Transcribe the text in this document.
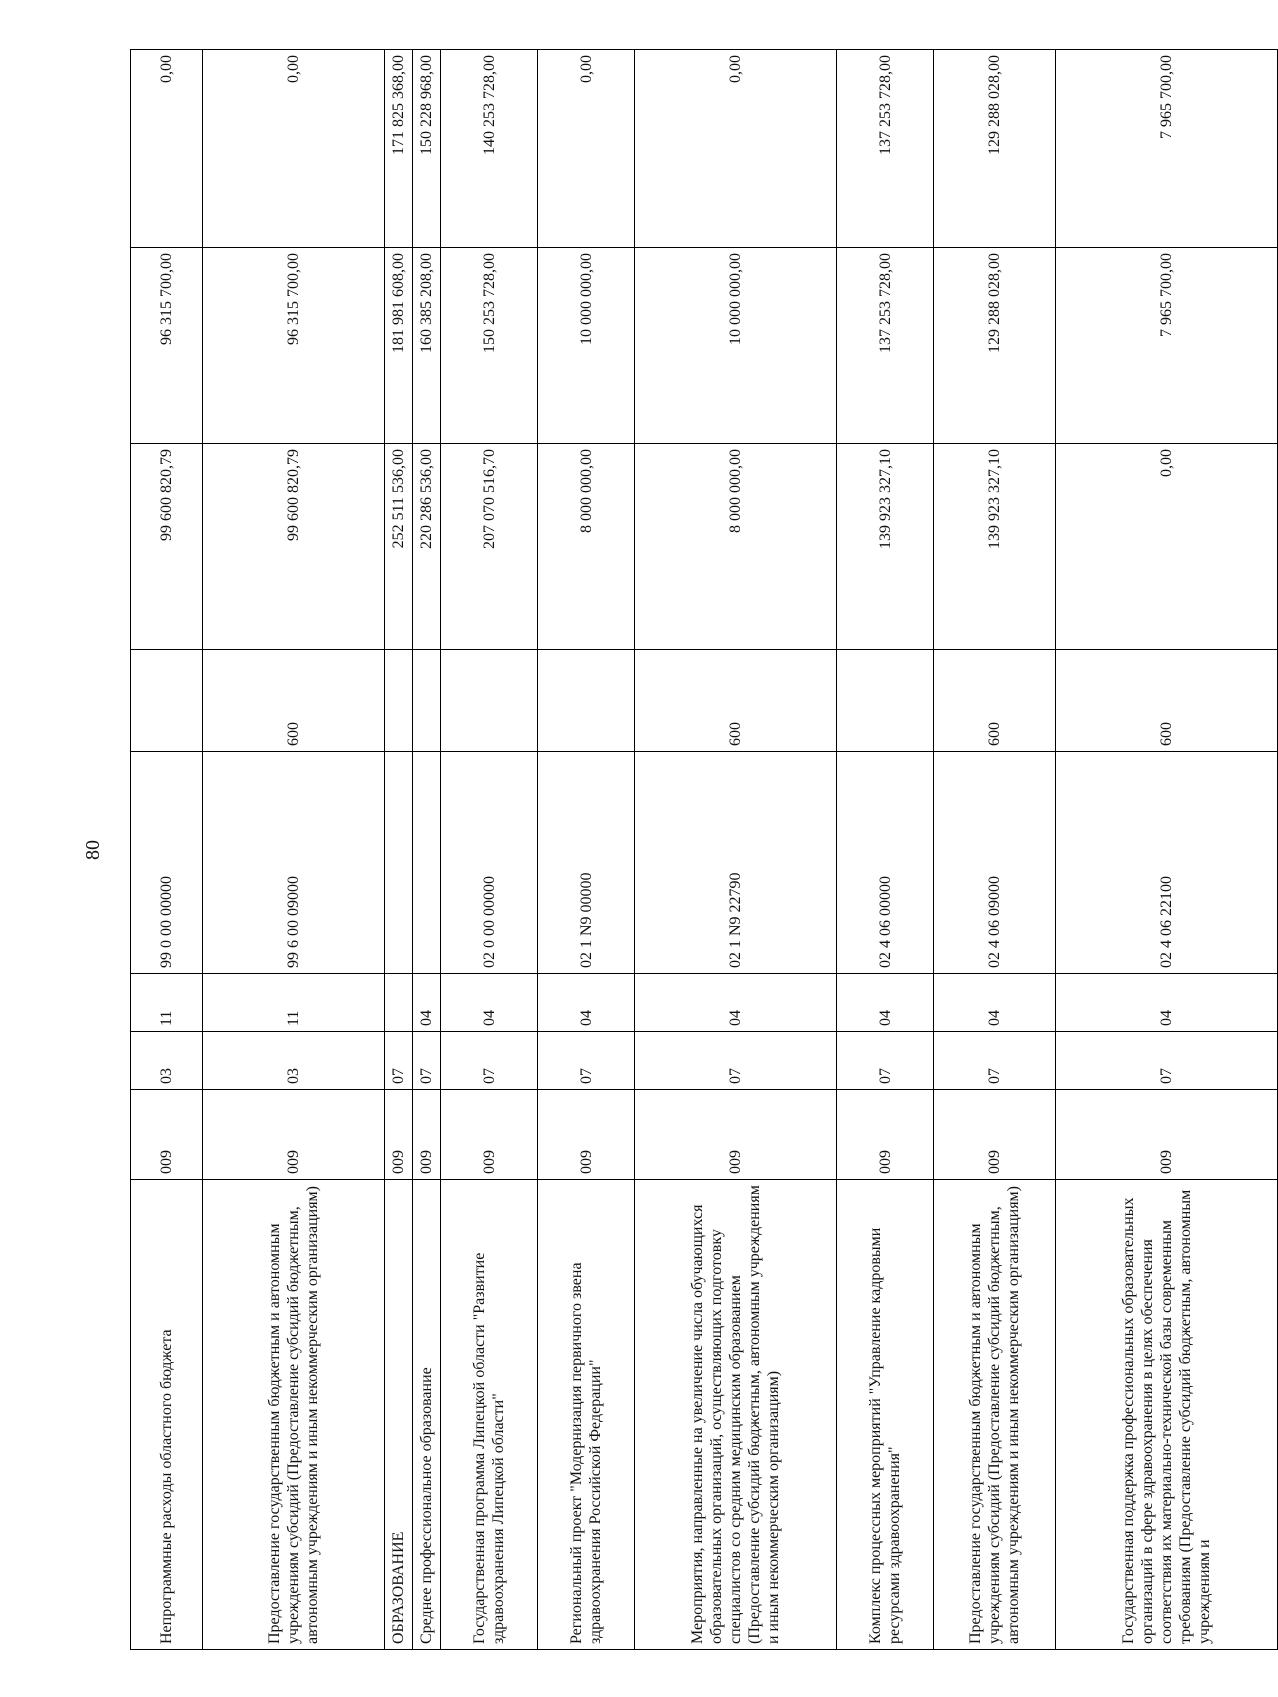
80
Непрограммные расходы областного бюджета	009	03	11	99 0 00 00000		99 600 820,79	96 315 700,00	0,00
Предоставление государственным бюджетным и автономным учреждениям субсидий (Предоставление субсидий бюджетным, автономным учреждениям и иным некоммерческим организациям)	009	03	11	99 6 00 09000	600	99 600 820,79	96 315 700,00	0,00
ОБРАЗОВАНИЕ	009	07				252 511 536,00	181 981 608,00	171 825 368,00
Среднее профессиональное образование	009	07	04			220 286 536,00	160 385 208,00	150 228 968,00
Государственная программа Липецкой области "Развитие здравоохранения Липецкой области"	009	07	04	02 0 00 00000		207 070 516,70	150 253 728,00	140 253 728,00
Региональный проект "Модернизация первичного звена здравоохранения Российской Федерации"	009	07	04	02 1 N9 00000		8 000 000,00	10 000 000,00	0,00
Мероприятия, направленные на увеличение числа обучающихся образовательных организаций, осуществляющих подготовку специалистов со средним медицинским образованием (Предоставление субсидий бюджетным, автономным учреждениям и иным некоммерческим организациям)	009	07	04	02 1 N9 22790	600	8 000 000,00	10 000 000,00	0,00
Комплекс процессных мероприятий "Управление кадровыми ресурсами здравоохранения"	009	07	04	02 4 06 00000		139 923 327,10	137 253 728,00	137 253 728,00
Предоставление государственным бюджетным и автономным учреждениям субсидий (Предоставление субсидий бюджетным, автономным учреждениям и иным некоммерческим организациям)	009	07	04	02 4 06 09000	600	139 923 327,10	129 288 028,00	129 288 028,00
Государственная поддержка профессиональных образовательных организаций в сфере здравоохранения в целях обеспечения соответствия их материально-технической базы современным требованиям (Предоставление субсидий бюджетным, автономным учреждениям и	009	07	04	02 4 06 22100	600	0,00	7 965 700,00	7 965 700,00
